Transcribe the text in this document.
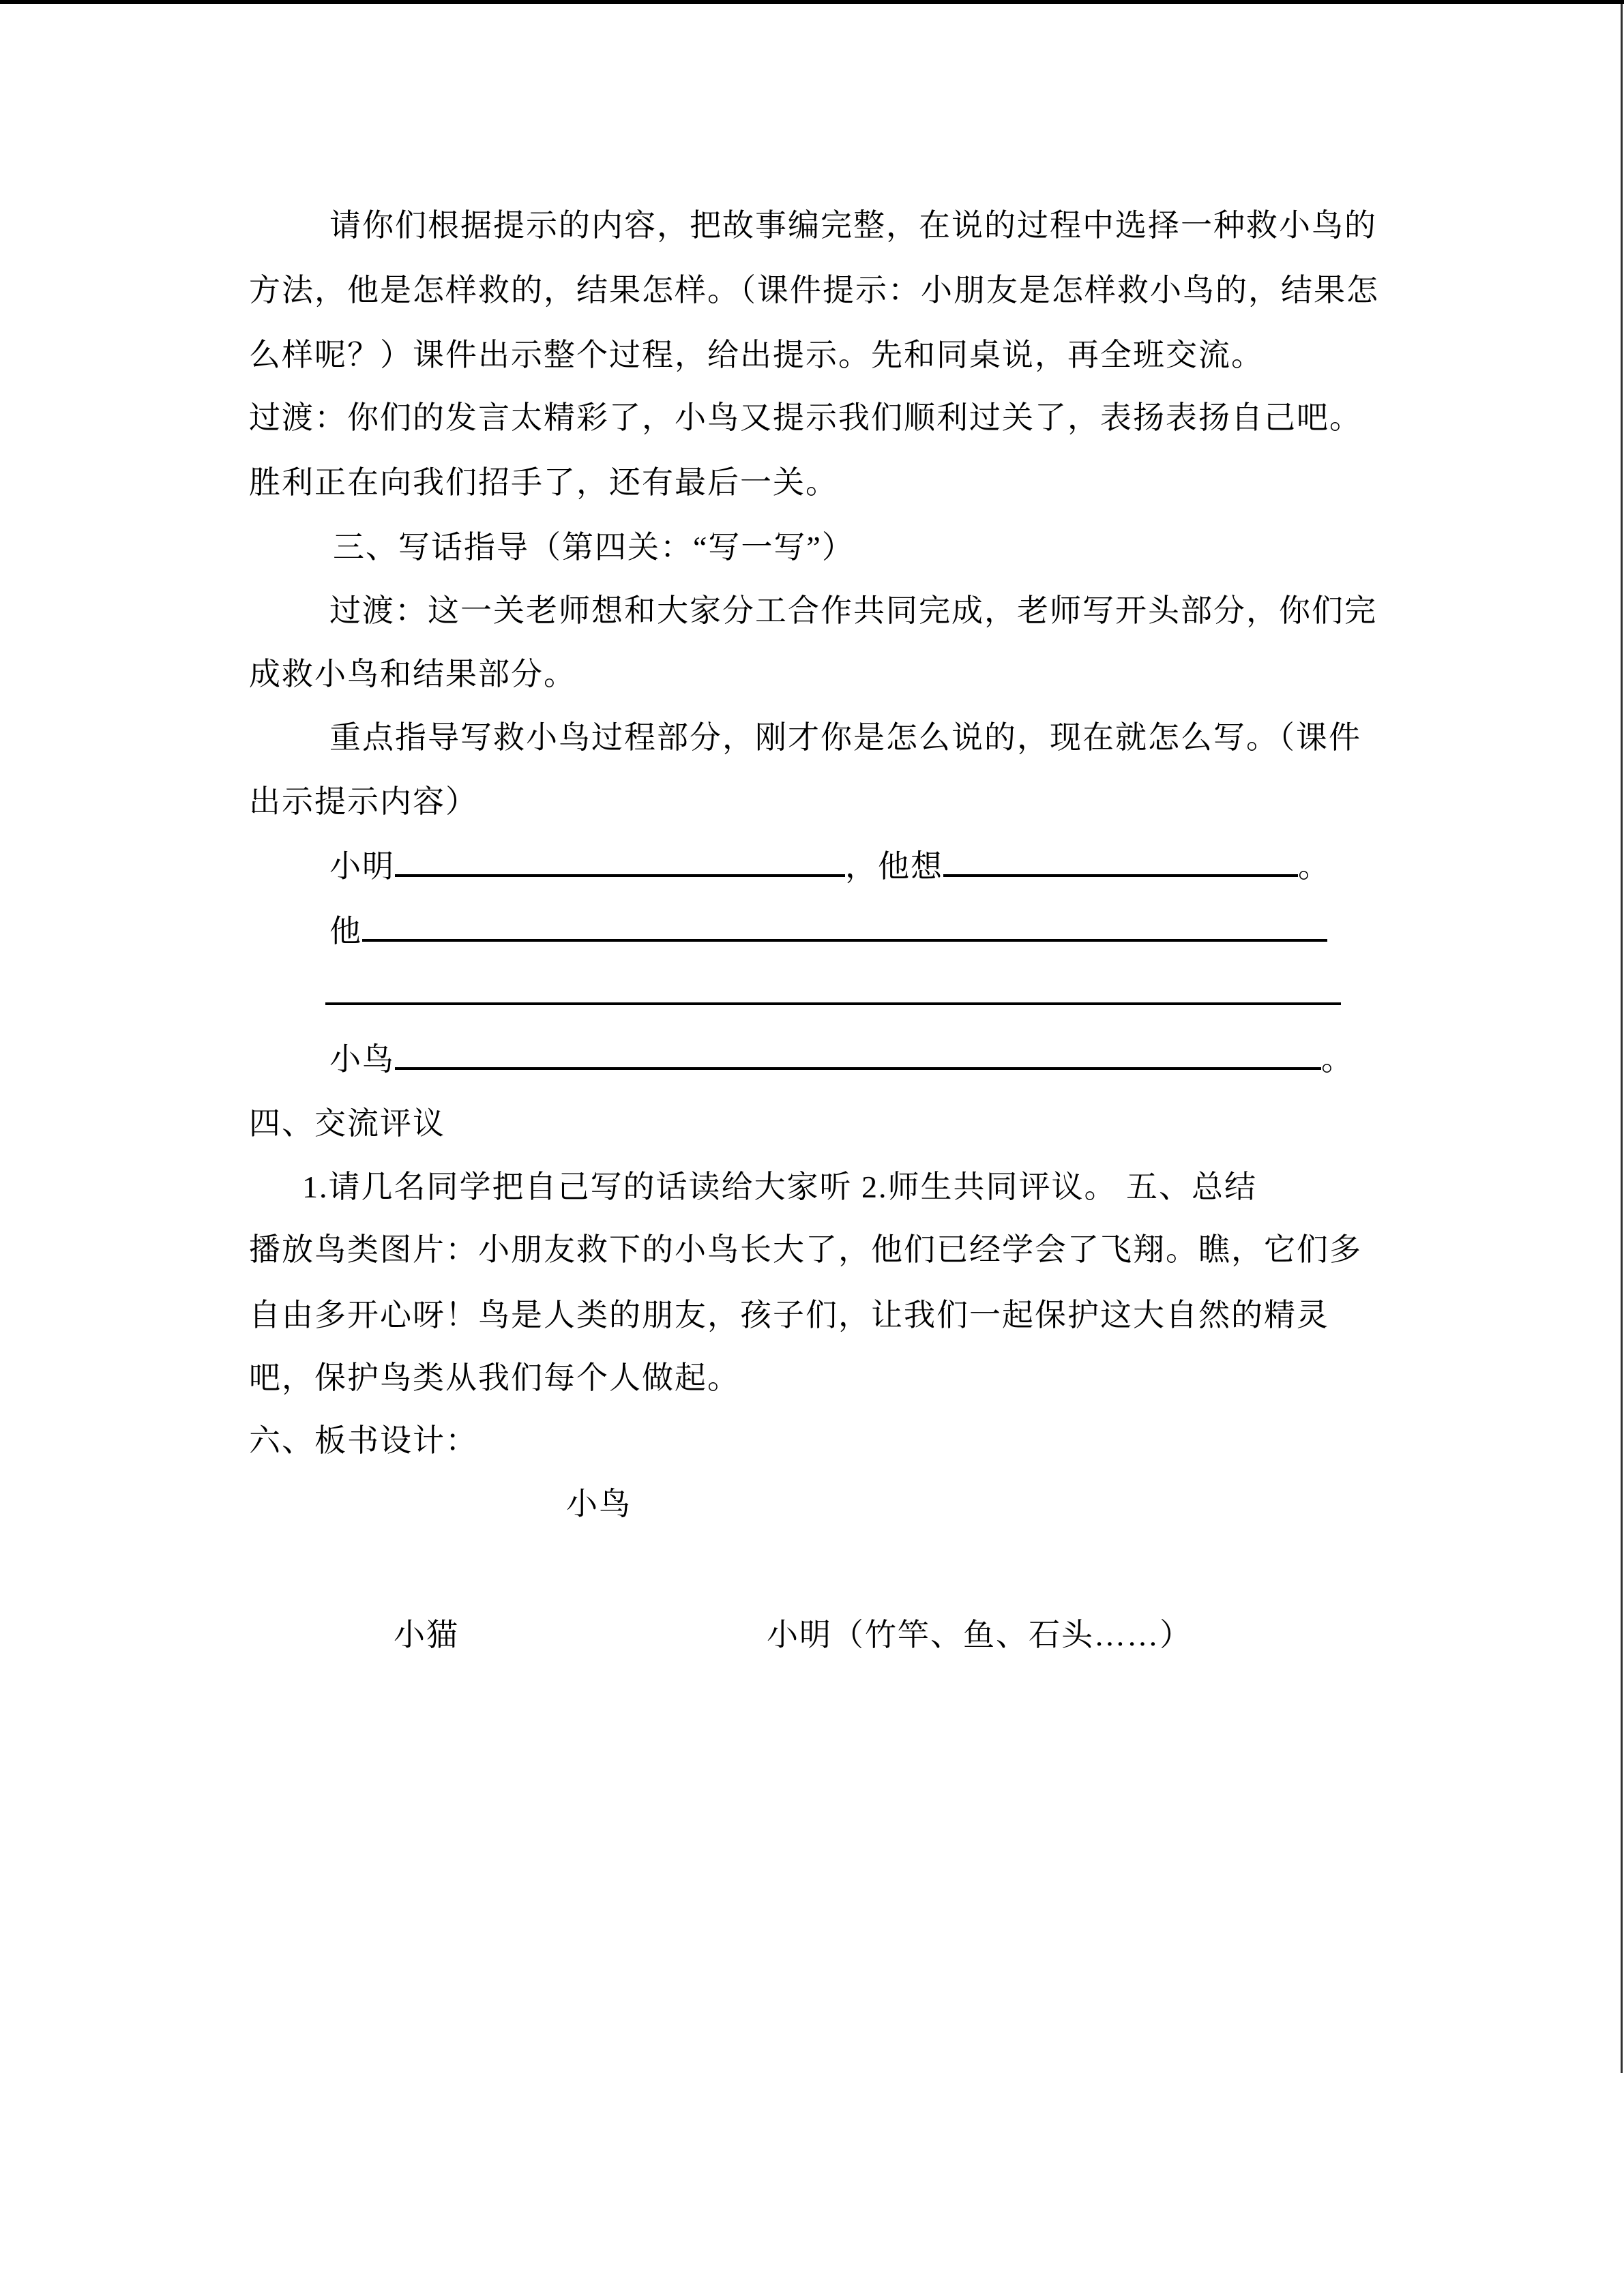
请你们根据提示的内容，把故事编完整，在说的过程中选择一种救小鸟的
方法，他是怎样救的，结果怎样。（课件提示：小朋友是怎样救小鸟的，结果怎
么样呢？）课件出示整个过程，给出提示。先和同桌说，再全班交流。
过渡：你们的发言太精彩了，小鸟又提示我们顺利过关了，表扬表扬自己吧。
胜利正在向我们招手了，还有最后一关。
三、写话指导（第四关：“写一写”）
过渡：这一关老师想和大家分工合作共同完成，老师写开头部分，你们完
成救小鸟和结果部分。
重点指导写救小鸟过程部分，刚才你是怎么说的，现在就怎么写。（课件
出示提示内容）
小明	，他想	。
他
小鸟	。
四、交流评议
1.请几名同学把自己写的话读给大家听 2.师生共同评议。 五、总结
播放鸟类图片：小朋友救下的小鸟长大了，他们已经学会了飞翔。瞧，它们多
自由多开心呀！鸟是人类的朋友，孩子们，让我们一起保护这大自然的精灵
吧，保护鸟类从我们每个人做起。
六、板书设计：
小鸟
小猫	小明（竹竿、鱼、石头……）
